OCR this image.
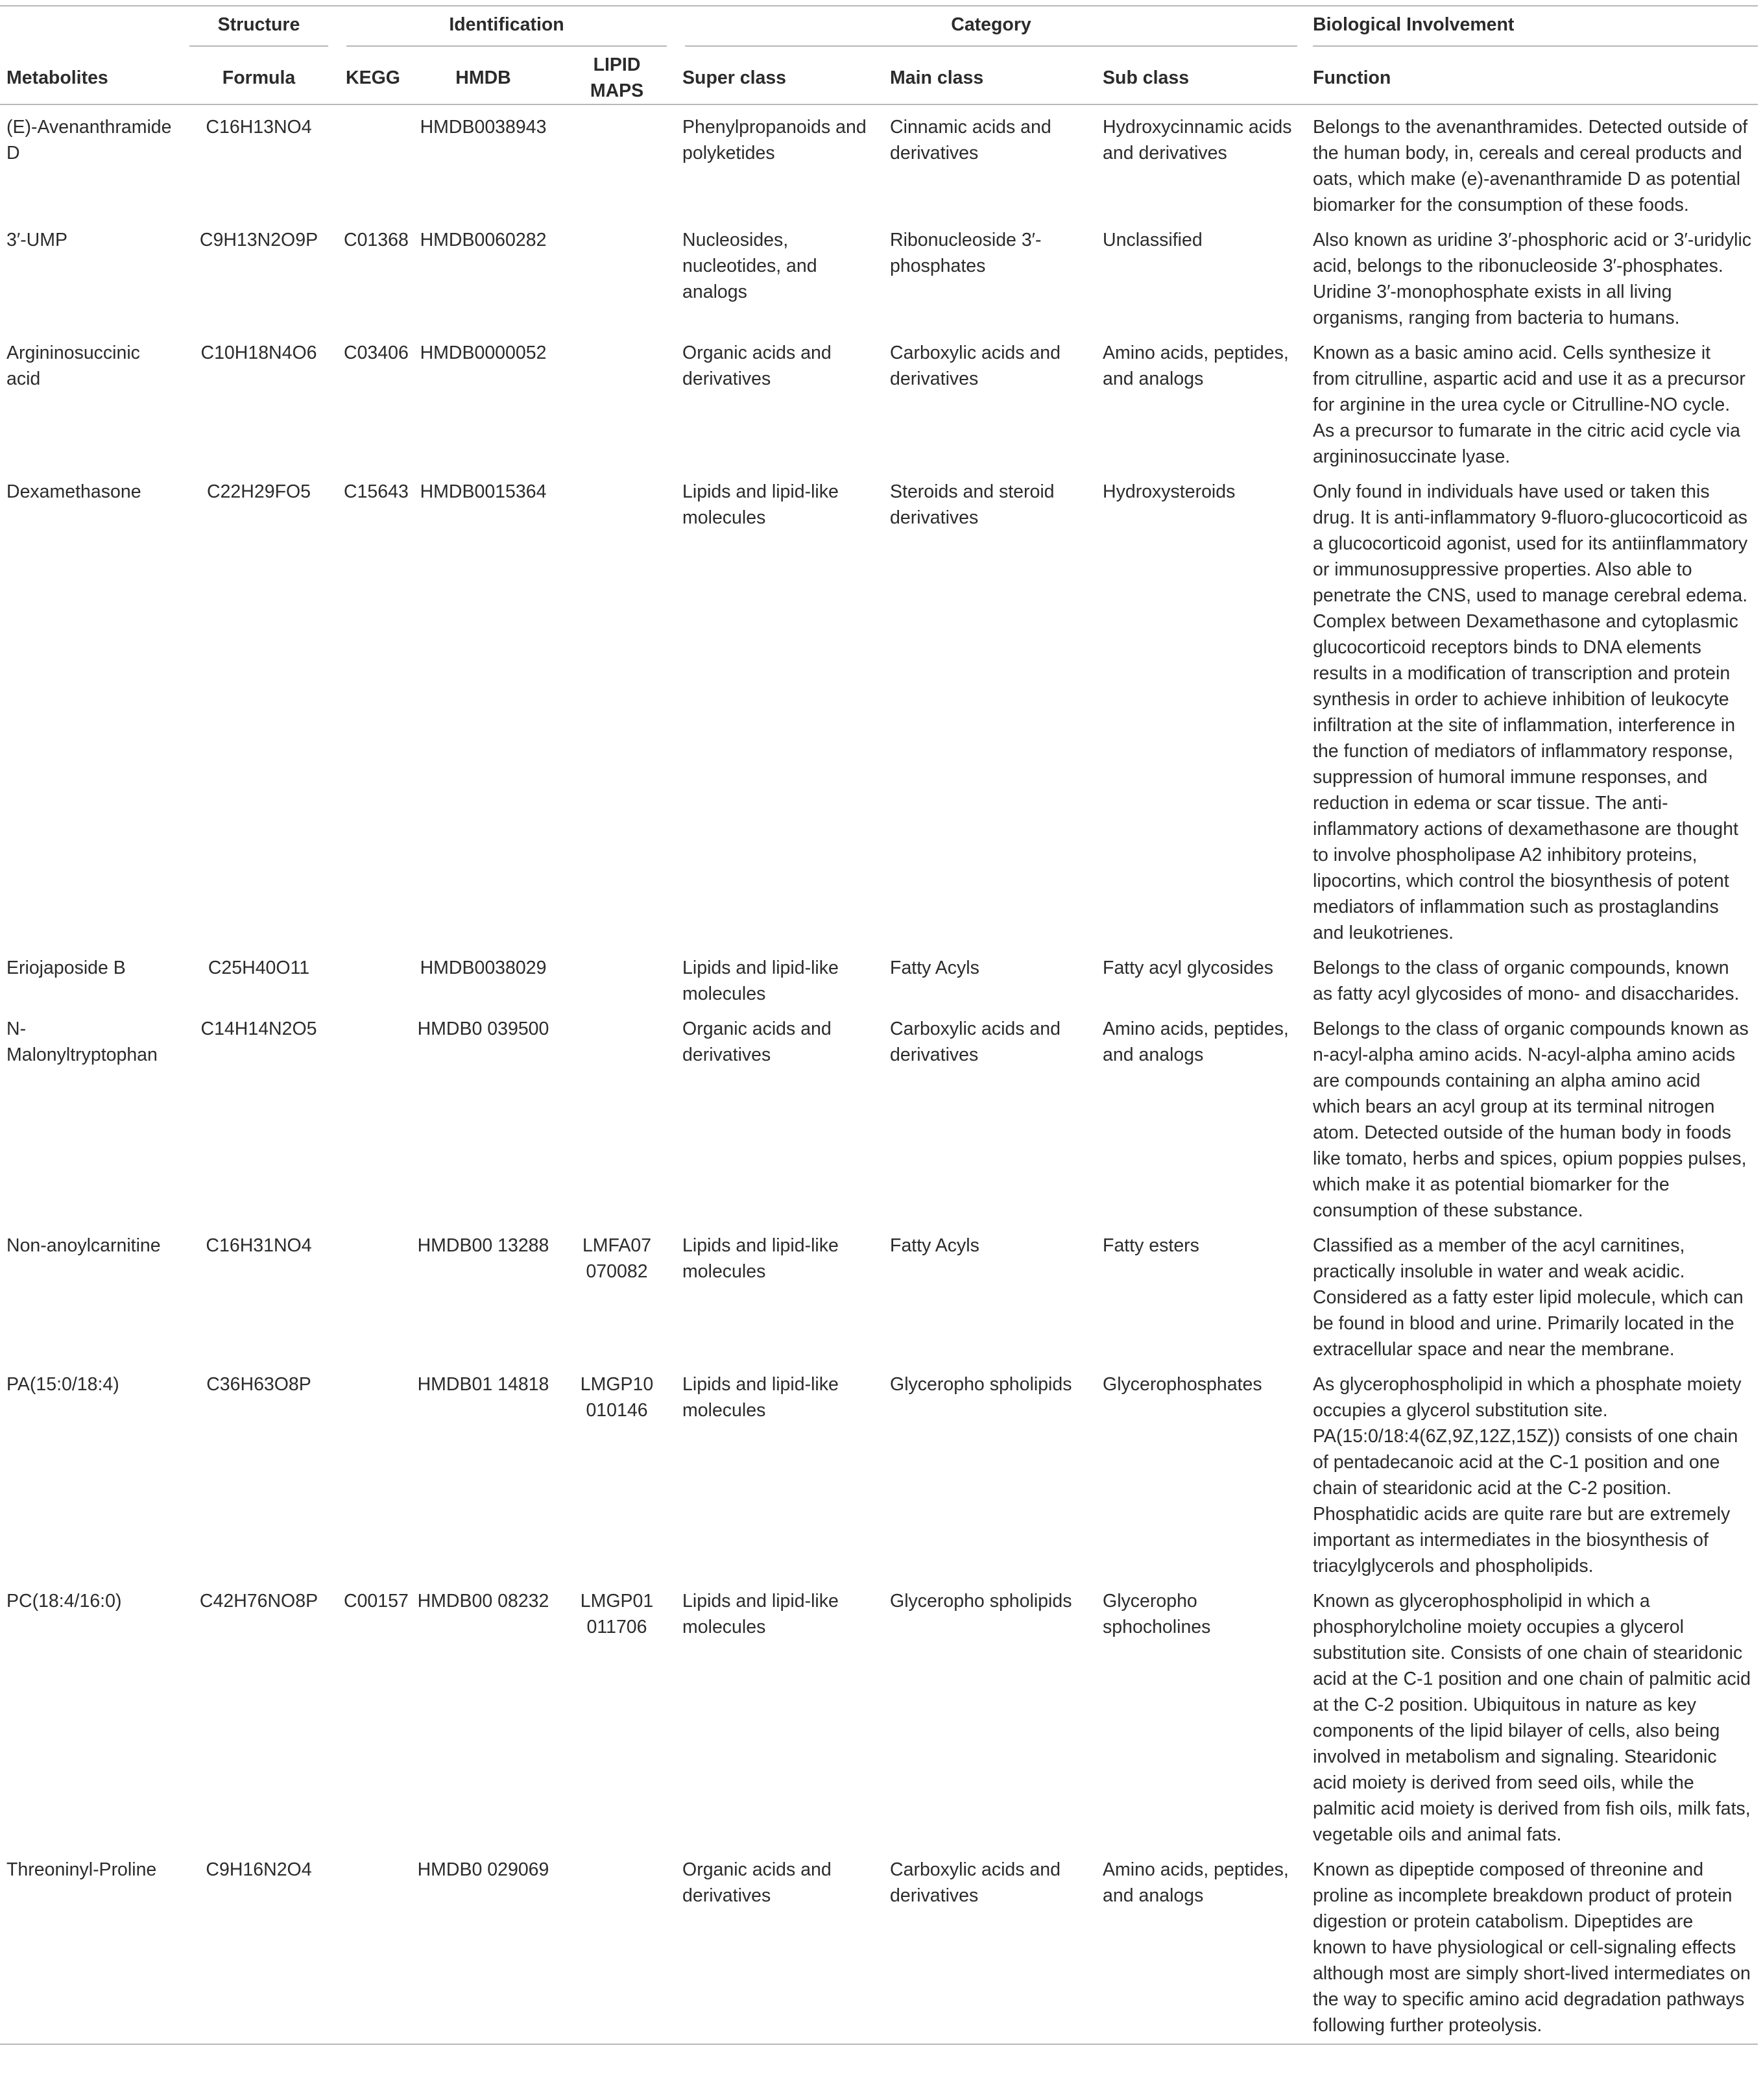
	Structure	Identification			Category			Biological Involvement

Metabolites	Formula	KEGG	HMDB	LIPID MAPS	Super class	Main class	Sub class	Function
(E)-Avenanthramide D	C16H13NO4		HMDB0038943		Phenylpropanoids and polyketides	Cinnamic acids and derivatives	Hydroxycinnamic acids and derivatives	Belongs to the avenanthramides. Detected outside of the human body, in, cereals and cereal products and oats, which make (e)-avenanthramide D as potential biomarker for the consumption of these foods.
3′-UMP	C9H13N2O9P	C01368	HMDB0060282		Nucleosides, nucleotides, and analogs	Ribonucleoside 3′-phosphates	Unclassified	Also known as uridine 3′-phosphoric acid or 3′-uridylic acid, belongs to the ribonucleoside 3′-phosphates. Uridine 3′-monophosphate exists in all living organisms, ranging from bacteria to humans.
Argininosuccinic acid	C10H18N4O6	C03406	HMDB0000052		Organic acids and derivatives	Carboxylic acids and derivatives	Amino acids, peptides, and analogs	Known as a basic amino acid. Cells synthesize it from citrulline, aspartic acid and use it as a precursor for arginine in the urea cycle or Citrulline-NO cycle. As a precursor to fumarate in the citric acid cycle via argininosuccinate lyase.
Dexamethasone	C22H29FO5	C15643	HMDB0015364		Lipids and lipid-like molecules	Steroids and steroid derivatives	Hydroxysteroids	Only found in individuals have used or taken this drug. It is anti-inflammatory 9-fluoro-glucocorticoid as a glucocorticoid agonist, used for its antiinflammatory or immunosuppressive properties. Also able to penetrate the CNS, used to manage cerebral edema. Complex between Dexamethasone and cytoplasmic glucocorticoid receptors binds to DNA elements results in a modification of transcription and protein synthesis in order to achieve inhibition of leukocyte infiltration at the site of inflammation, interference in the function of mediators of inflammatory response, suppression of humoral immune responses, and reduction in edema or scar tissue. The anti-inflammatory actions of dexamethasone are thought to involve phospholipase A2 inhibitory proteins, lipocortins, which control the biosynthesis of potent mediators of inflammation such as prostaglandins and leukotrienes.
Eriojaposide B	C25H40O11		HMDB0038029		Lipids and lipid-like molecules	Fatty Acyls	Fatty acyl glycosides	Belongs to the class of organic compounds, known as fatty acyl glycosides of mono- and disaccharides.
N-Malonyltryptophan	C14H14N2O5		HMDB0 039500		Organic acids and derivatives	Carboxylic acids and derivatives	Amino acids, peptides, and analogs	Belongs to the class of organic compounds known as n-acyl-alpha amino acids. N-acyl-alpha amino acids are compounds containing an alpha amino acid which bears an acyl group at its terminal nitrogen atom. Detected outside of the human body in foods like tomato, herbs and spices, opium poppies pulses, which make it as potential biomarker for the consumption of these substance.
Non-anoylcarnitine	C16H31NO4		HMDB00 13288	LMFA07 070082	Lipids and lipid-like molecules	Fatty Acyls	Fatty esters	Classified as a member of the acyl carnitines, practically insoluble in water and weak acidic. Considered as a fatty ester lipid molecule, which can be found in blood and urine. Primarily located in the extracellular space and near the membrane.
PA(15:0/18:4)	C36H63O8P		HMDB01 14818	LMGP10 010146	Lipids and lipid-like molecules	Glycerophо spholipids	Glycerophosphates	As glycerophospholipid in which a phosphate moiety occupies a glycerol substitution site. PA(15:0/18:4(6Z,9Z,12Z,15Z)) consists of one chain of pentadecanoic acid at the C-1 position and one chain of stearidonic acid at the C-2 position. Phosphatidic acids are quite rare but are extremely important as intermediates in the biosynthesis of triacylglycerols and phospholipids.
PC(18:4/16:0)	C42H76NO8P	C00157	HMDB00 08232	LMGP01 011706	Lipids and lipid-like molecules	Glycerophо spholipids	Glycerophо sphocholines	Known as glycerophospholipid in which a phosphorylcholine moiety occupies a glycerol substitution site. Consists of one chain of stearidonic acid at the C-1 position and one chain of palmitic acid at the C-2 position. Ubiquitous in nature as key components of the lipid bilayer of cells, also being involved in metabolism and signaling. Stearidonic acid moiety is derived from seed oils, while the palmitic acid moiety is derived from fish oils, milk fats, vegetable oils and animal fats.
Threoninyl-Proline	C9H16N2O4		HMDB0 029069		Organic acids and derivatives	Carboxylic acids and derivatives	Amino acids, peptides, and analogs	Known as dipeptide composed of threonine and proline as incomplete breakdown product of protein digestion or protein catabolism. Dipeptides are known to have physiological or cell-signaling effects although most are simply short-lived intermediates on the way to specific amino acid degradation pathways following further proteolysis.
